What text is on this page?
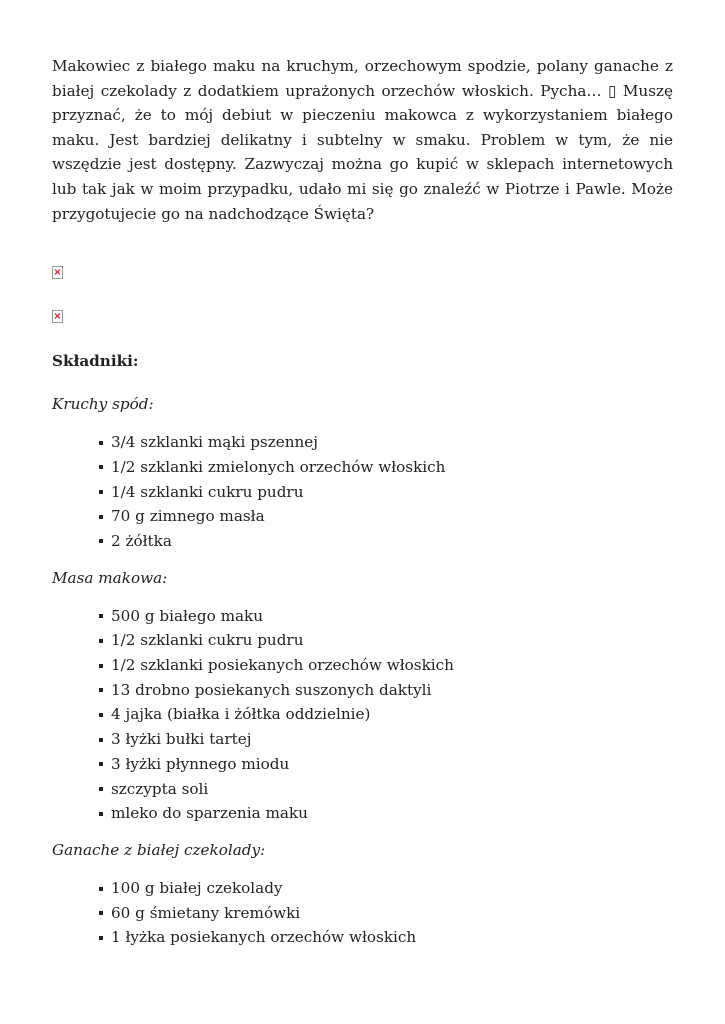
Makowiec z białego maku na kruchym, orzechowym spodzie, polany ganache z białej czekolady z dodatkiem uprażonych orzechów włoskich. Pycha… ▯ Muszę przyznać, że to mój debiut w pieczeniu makowca z wykorzystaniem białego maku. Jest bardziej delikatny i subtelny w smaku. Problem w tym, że nie wszędzie jest dostępny. Zazwyczaj można go kupić w sklepach internetowych lub tak jak w moim przypadku, udało mi się go znaleźć w Piotrze i Pawle. Może przygotujecie go na nadchodzące Święta?

×
×

Składniki:

Kruchy spód:

3/4 szklanki mąki pszennej
1/2 szklanki zmielonych orzechów włoskich
1/4 szklanki cukru pudru
70 g zimnego masła
2 żółtka

Masa makowa:

500 g białego maku
1/2 szklanki cukru pudru
1/2 szklanki posiekanych orzechów włoskich
13 drobno posiekanych suszonych daktyli
4 jajka (białka i żółtka oddzielnie)
3 łyżki bułki tartej
3 łyżki płynnego miodu
szczypta soli
mleko do sparzenia maku

Ganache z białej czekolady:

100 g białej czekolady
60 g śmietany kremówki
1 łyżka posiekanych orzechów włoskich
